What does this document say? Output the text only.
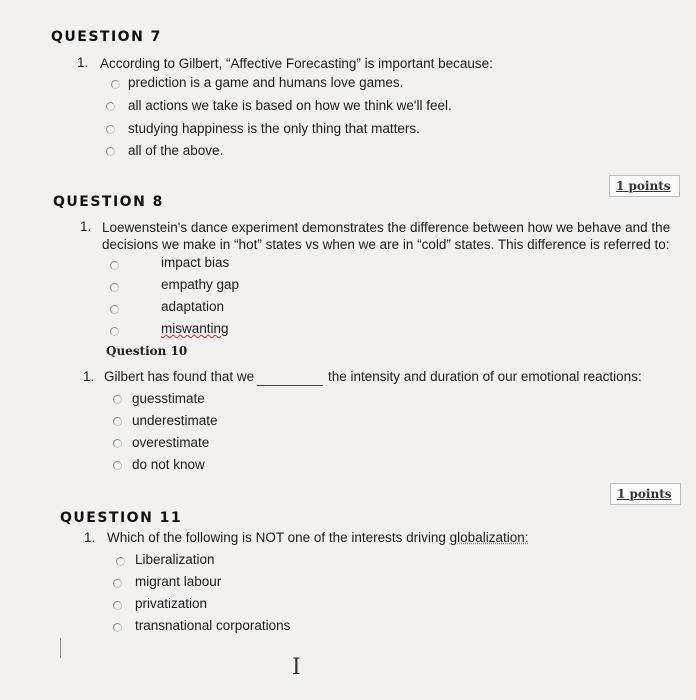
QUESTION 7
1. According to Gilbert, “Affective Forecasting” is important because:
prediction is a game and humans love games.
all actions we take is based on how we think we'll feel.
studying happiness is the only thing that matters.
all of the above.
1 points
QUESTION 8
1. Loewenstein's dance experiment demonstrates the difference between how we behave and the decisions we make in “hot” states vs when we are in “cold” states. This difference is referred to:
impact bias
empathy gap
adaptation
miswanting
Question 10
1. Gilbert has found that we	the intensity and duration of our emotional reactions:
guesstimate
underestimate
overestimate
do not know
1 points
QUESTION 11
1. Which of the following is NOT one of the interests driving globalization:
Liberalization
migrant labour
privatization
transnational corporations
I
